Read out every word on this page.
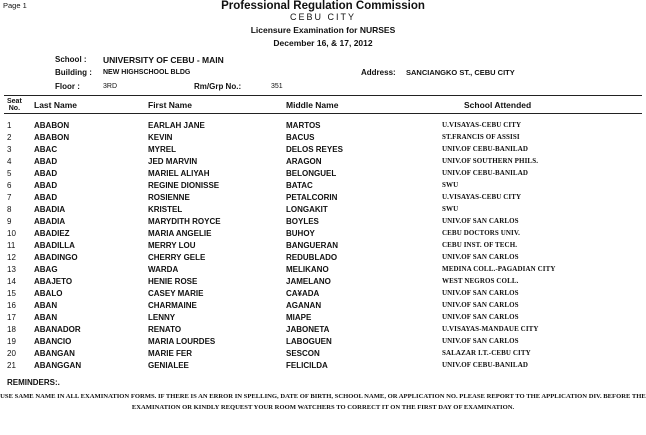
Page 1	Professional Regulation Commission
CEBU CITY
Licensure Examination for NURSES
December 16, & 17, 2012
School : UNIVERSITY OF CEBU - MAIN
Building : NEW HIGHSCHOOL BLDG
Floor :	3RD	Rm/Grp No.:	351
Address: SANCIANGKO ST., CEBU CITY
Seat
No. Last Name	First Name	Middle Name	School Attended
1	ABABON	EARLAH JANE	MARTOS	U.VISAYAS-CEBU CITY
2	ABABON	KEVIN	BACUS	ST.FRANCIS OF ASSISI
3	ABAC	MYREL	DELOS REYES	UNIV.OF CEBU-BANILAD
4	ABAD	JED MARVIN	ARAGON	UNIV.OF SOUTHERN PHILS.
5	ABAD	MARIEL ALIYAH	BELONGUEL	UNIV.OF CEBU-BANILAD
6	ABAD	REGINE DIONISSE	BATAC	SWU
7	ABAD	ROSIENNE	PETALCORIN	U.VISAYAS-CEBU CITY
8	ABADIA	KRISTEL	LONGAKIT	SWU
9	ABADIA	MARYDITH ROYCE	BOYLES	UNIV.OF SAN CARLOS
10	ABADIEZ	MARIA ANGELIE	BUHOY	CEBU DOCTORS UNIV.
11	ABADILLA	MERRY LOU	BANGUERAN	CEBU INST. OF TECH.
12	ABADINGO	CHERRY GELE	REDUBLADO	UNIV.OF SAN CARLOS
13	ABAG	WARDA	MELIKANO	MEDINA COLL.-PAGADIAN CITY
14	ABAJETO	HENIE ROSE	JAMELANO	WEST NEGROS COLL.
15	ABALO	CASEY MARIE	CA¥ADA	UNIV.OF SAN CARLOS
16	ABAN	CHARMAINE	AGANAN	UNIV.OF SAN CARLOS
17	ABAN	LENNY	MIAPE	UNIV.OF SAN CARLOS
18	ABANADOR	RENATO	JABONETA	U.VISAYAS-MANDAUE CITY
19	ABANCIO	MARIA LOURDES	LABOGUEN	UNIV.OF SAN CARLOS
20	ABANGAN	MARIE FER	SESCON	SALAZAR I.T.-CEBU CITY
21	ABANGGAN	GENIALEE	FELICILDA	UNIV.OF CEBU-BANILAD
REMINDERS:.
USE SAME NAME IN ALL EXAMINATION FORMS. IF THERE IS AN ERROR IN SPELLING, DATE OF BIRTH, SCHOOL NAME, OR APPLICATION NO. PLEASE REPORT TO THE APPLICATION DIV. BEFORE THE EXAMINATION OR KINDLY REQUEST YOUR ROOM WATCHERS TO CORRECT IT ON THE FIRST DAY OF EXAMINATION.
